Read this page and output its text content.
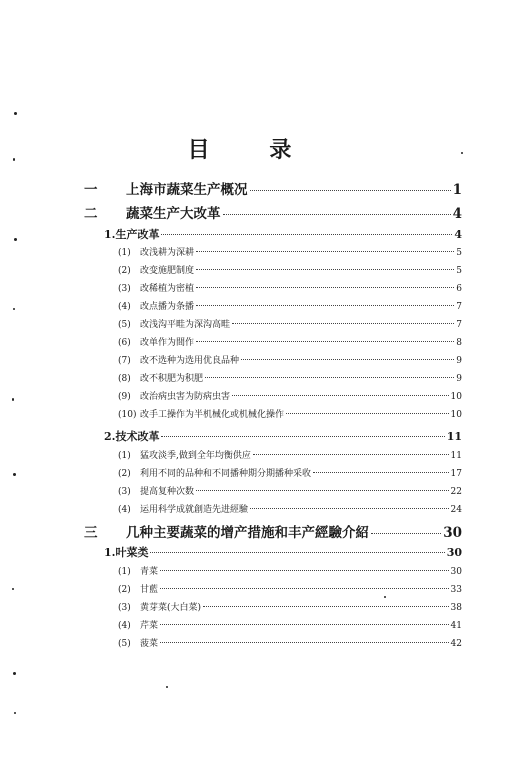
目 录
一	上海市蔬菜生产概况	1
二	蔬菜生产大改革	4
1.生产改革	4
(1)	改浅耕为深耕	5
(2)	改变施肥制度	5
(3)	改稀植为密植	6
(4)	改点播为条播	7
(5)	改浅沟平畦为深沟高畦	7
(6)	改单作为間作	8
(7)	改不选种为选用优良品种	9
(8)	改不积肥为积肥	9
(9)	改治病虫害为防病虫害	10
(10) 改手工操作为半机械化或机械化操作	10
2.技术改革	11
(1)	猛攻淡季,做到全年均衡供应	11
(2)	利用不同的品种和不同播种期分期播种采收	17
(3)	提高复种次数	22
(4)	运用科学成就創造先进經驗	24
三	几种主要蔬菜的增产措施和丰产經驗介紹	30
1.叶菜类	30
(1)	青菜	30
(2)	甘藍	33
(3)	黄芽菜(大白菜)	38
(4)	芹菜	41
(5)	菠菜	42
